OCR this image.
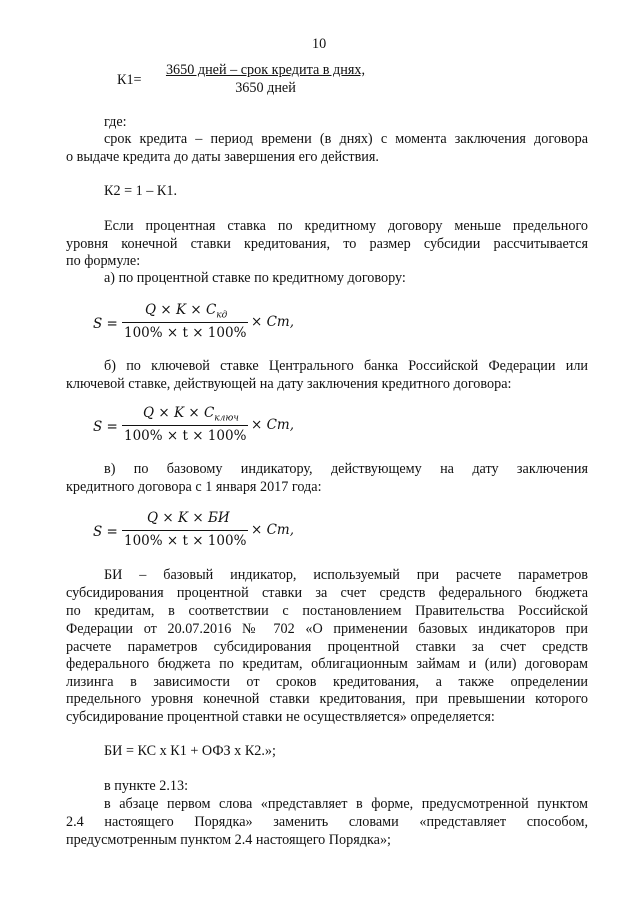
10
К1=
3650 дней – срок кредита в днях,
3650 дней
где:
срок кредита – период времени (в днях) с момента заключения договора
о выдаче кредита до даты завершения его действия.
К2 = 1 – К1.
Если процентная ставка по кредитному договору меньше предельного
уровня конечной ставки кредитования, то размер субсидии рассчитывается
по формуле:
а) по процентной ставке по кредитному договору:
S =
$Q \times K \times C_{кд}$
100% × t × 100%
× Cm,
б) по ключевой ставке Центрального банка Российской Федерации или
ключевой ставке, действующей на дату заключения кредитного договора:
S =
$Q \times K \times C_{ключ}$
100% × t × 100%
× Cm,
в) по базовому индикатору, действующему на дату заключения
кредитного договора с 1 января 2017 года:
S =
Q × K × БИ
100% × t × 100%
× Cm,
БИ – базовый индикатор, используемый при расчете параметров
субсидирования процентной ставки за счет средств федерального бюджета
по кредитам, в соответствии с постановлением Правительства Российской
Федерации от 20.07.2016 № 702 «О применении базовых индикаторов при
расчете параметров субсидирования процентной ставки за счет средств
федерального бюджета по кредитам, облигационным займам и (или) договорам
лизинга в зависимости от сроков кредитования, а также определении
предельного уровня конечной ставки кредитования, при превышении которого
субсидирование процентной ставки не осуществляется» определяется:
БИ = КС х К1 + ОФЗ х К2.»;
в пункте 2.13:
в абзаце первом слова «представляет в форме, предусмотренной пунктом
2.4 настоящего Порядка» заменить словами «представляет способом,
предусмотренным пунктом 2.4 настоящего Порядка»;
